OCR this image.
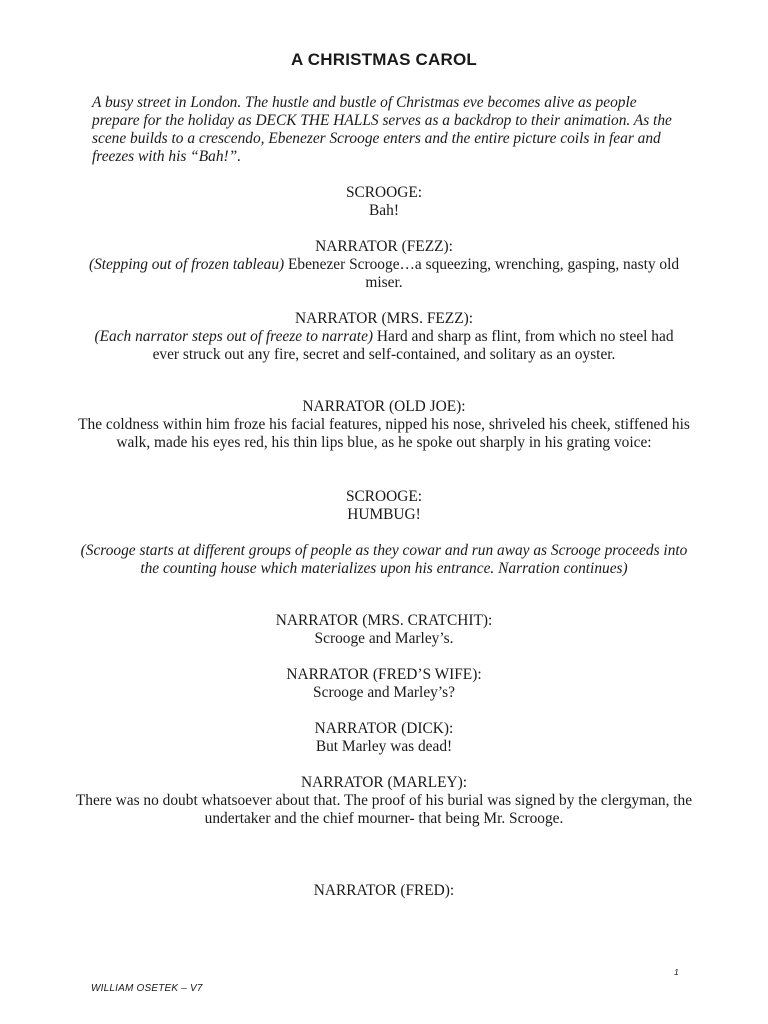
A CHRISTMAS CAROL
A busy street in London. The hustle and bustle of Christmas eve becomes alive as people prepare for the holiday as DECK THE HALLS serves as a backdrop to their animation. As the scene builds to a crescendo, Ebenezer Scrooge enters and the entire picture coils in fear and freezes with his “Bah!”.
SCROOGE:
Bah!
NARRATOR (FEZZ):
(Stepping out of frozen tableau) Ebenezer Scrooge…a squeezing, wrenching, gasping, nasty old miser.
NARRATOR (MRS. FEZZ):
(Each narrator steps out of freeze to narrate) Hard and sharp as flint, from which no steel had ever struck out any fire, secret and self-contained, and solitary as an oyster.
NARRATOR (OLD JOE):
The coldness within him froze his facial features, nipped his nose, shriveled his cheek, stiffened his walk, made his eyes red, his thin lips blue, as he spoke out sharply in his grating voice:
SCROOGE:
HUMBUG!
(Scrooge starts at different groups of people as they cowar and run away as Scrooge proceeds into the counting house which materializes upon his entrance. Narration continues)
NARRATOR (MRS. CRATCHIT):
Scrooge and Marley’s.
NARRATOR (FRED’S WIFE):
Scrooge and Marley’s?
NARRATOR (DICK):
But Marley was dead!
NARRATOR (MARLEY):
There was no doubt whatsoever about that. The proof of his burial was signed by the clergyman, the undertaker and the chief mourner- that being Mr. Scrooge.
NARRATOR (FRED):
1
WILLIAM OSETEK – V7
